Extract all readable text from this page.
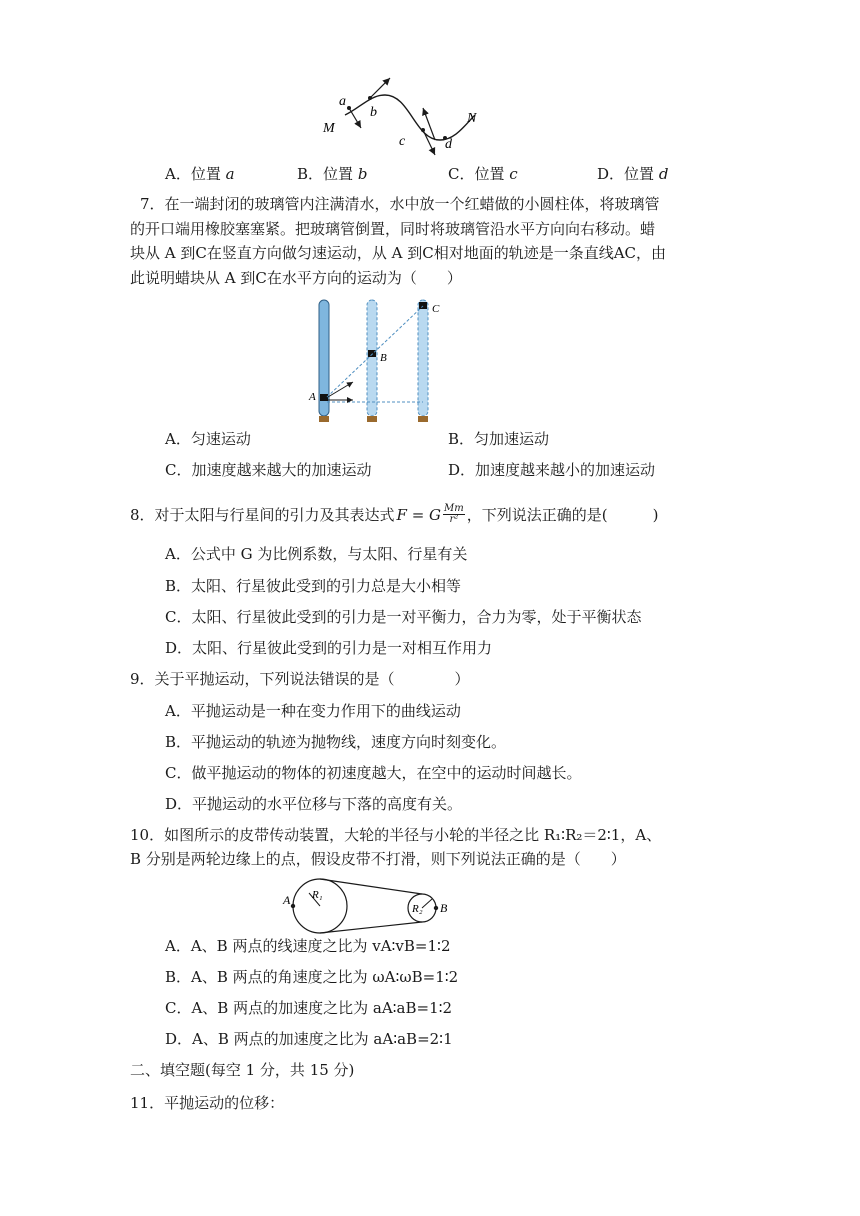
a
b
c	d
M
N
A．位置 a	B．位置 b	C．位置 c	D．位置 d
7．在一端封闭的玻璃管内注满清水，水中放一个红蜡做的小圆柱体，将玻璃管
的开口端用橡胶塞塞紧。把玻璃管倒置，同时将玻璃管沿水平方向向右移动。蜡
块从 A 到C在竖直方向做匀速运动，从 A 到C相对地面的轨迹是一条直线AC，由
此说明蜡块从 A 到C在水平方向的运动为（　　）
A
B
C
A．匀速运动	B．匀加速运动
C．加速度越来越大的加速运动	D．加速度越来越小的加速运动
8．对于太阳与行星间的引力及其表达式 F = G Mm
r² ，下列说法正确的是(　　　)
A．公式中 G 为比例系数，与太阳、行星有关
B．太阳、行星彼此受到的引力总是大小相等
C．太阳、行星彼此受到的引力是一对平衡力，合力为零，处于平衡状态
D．太阳、行星彼此受到的引力是一对相互作用力
9．关于平抛运动，下列说法错误的是（　　　　）
A．平抛运动是一种在变力作用下的曲线运动
B．平抛运动的轨迹为抛物线，速度方向时刻变化。
C．做平抛运动的物体的初速度越大，在空中的运动时间越长。
D．平抛运动的水平位移与下落的高度有关。
10．如图所示的皮带传动装置，大轮的半径与小轮的半径之比 R₁∶R₂＝2∶1，A、
B 分别是两轮边缘上的点，假设皮带不打滑，则下列说法正确的是（　　）
A
B
R₁
R₂
A．A、B 两点的线速度之比为 vA∶vB=1∶2
B．A、B 两点的角速度之比为 ωA∶ωB=1∶2
C．A、B 两点的加速度之比为 aA∶aB=1∶2
D．A、B 两点的加速度之比为 aA∶aB=2∶1
二、填空题(每空 1 分，共 15 分)
11．平抛运动的位移：
